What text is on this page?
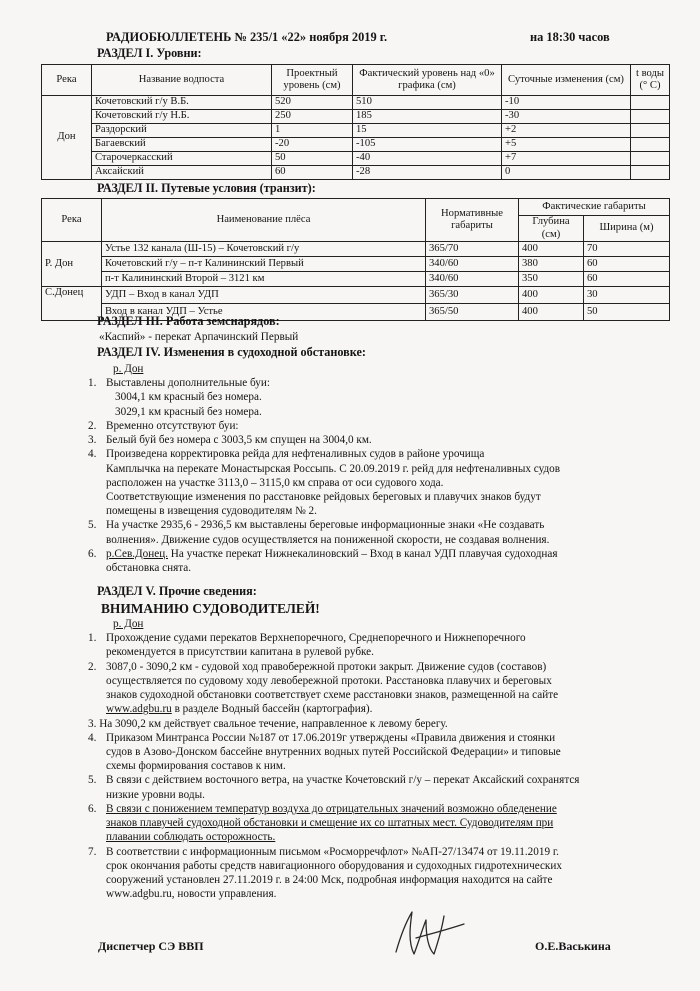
РАДИОБЮЛЛЕТЕНЬ № 235/1 «22» ноября 2019 г.	на 18:30 часов
РАЗДЕЛ I. Уровни:
Река	Название водпоста	Проектный уровень (см)	Фактический уровень над «0» графика (см)	Суточные изменения (см)	t воды (° C)
Дон	Кочетовский г/у В.Б.	520	510	-10	
	Кочетовский г/у Н.Б.	250	185	-30	
	Раздорский	1	15	+2	
	Багаевский	-20	-105	+5	
	Старочеркасский	50	-40	+7	
	Аксайский	60	-28	0	
РАЗДЕЛ II. Путевые условия (транзит):
Река	Наименование плёса	Нормативные габариты	Фактические габариты	
			Глубина (см)	Ширина (м)
Р. Дон	Устье 132 канала (Ш-15) – Кочетовский г/у	365/70	400	70
	Кочетовский г/у – п-т Калининский Первый	340/60	380	60
	п-т Калининский Второй – 3121 км	340/60	350	60
С.Донец	УДП – Вход в канал УДП	365/30	400	30
	Вход в канал УДП – Устье	365/50	400	50
РАЗДЕЛ III. Работа земснарядов:
«Каспий» - перекат Арпачинский Первый
РАЗДЕЛ IV. Изменения в судоходной обстановке:
р. Дон
1. Выставлены дополнительные буи:
3004,1 км красный без номера.
3029,1 км красный без номера.
2. Временно отсутствуют буи:
3. Белый буй без номера с 3003,5 км спущен на 3004,0 км.
4. Произведена корректировка рейда для нефтеналивных судов в районе урочища
Камплычка на перекате Монастырская Россыпь. С 20.09.2019 г. рейд для нефтеналивных судов
расположен на участке 3113,0 – 3115,0 км справа от оси судового хода.
Соответствующие изменения по расстановке рейдовых береговых и плавучих знаков будут
помещены в извещения судоводителям № 2.
5. На участке 2935,6 - 2936,5 км выставлены береговые информационные знаки «Не создавать
волнения». Движение судов осуществляется на пониженной скорости, не создавая волнения.
6. р.Сев.Донец. На участке перекат Нижнекалиновский – Вход в канал УДП плавучая судоходная
обстановка снята.
РАЗДЕЛ V. Прочие сведения:
ВНИМАНИЮ СУДОВОДИТЕЛЕЙ!
р. Дон
1. Прохождение судами перекатов Верхнепоречного, Среднепоречного и Нижнепоречного
рекомендуется в присутствии капитана в рулевой рубке.
2. 3087,0 - 3090,2 км - судовой ход правобережной протоки закрыт. Движение судов (составов)
осуществляется по судовому ходу левобережной протоки. Расстановка плавучих и береговых
знаков судоходной обстановки соответствует схеме расстановки знаков, размещенной на сайте
www.adgbu.ru в разделе Водный бассейн (картография).
3. На 3090,2 км действует свальное течение, направленное к левому берегу.
4. Приказом Минтранса России №187 от 17.06.2019г утверждены «Правила движения и стоянки
судов в Азово-Донском бассейне внутренних водных путей Российской Федерации» и типовые
схемы формирования составов к ним.
5. В связи с действием восточного ветра, на участке Кочетовский г/у – перекат Аксайский сохранятся
низкие уровни воды.
6. В связи с понижением температур воздуха до отрицательных значений возможно обледенение
знаков плавучей судоходной обстановки и смещение их со штатных мест. Судоводителям при
плавании соблюдать осторожность.
7. В соответствии с информационным письмом «Росморречфлот» №АП-27/13474 от 19.11.2019 г.
срок окончания работы средств навигационного оборудования и судоходных гидротехнических
сооружений установлен 27.11.2019 г. в 24:00 Мск, подробная информация находится на сайте
www.adgbu.ru, новости управления.
Диспетчер СЭ ВВП	О.Е.Васькина
